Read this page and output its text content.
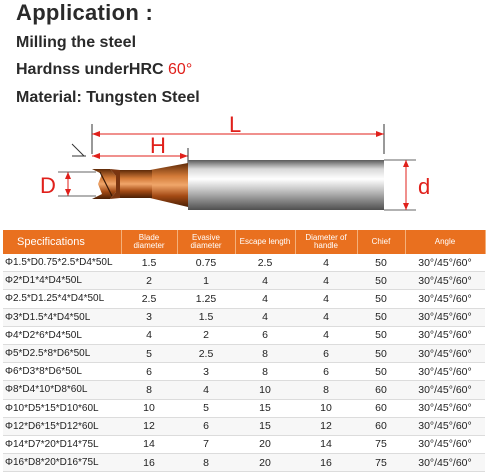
Application :
Milling the steel
Hardnss underHRC 60°
Material: Tungsten Steel
L
H
D	d
Specifications	Blade diameter	Evasive diameter	Escape length	Diameter of handle	Chief	Angle
Φ1.5*D0.75*2.5*D4*50L	1.5	0.75	2.5	4	50	30°/45°/60°
Φ2*D1*4*D4*50L	2	1	4	4	50	30°/45°/60°
Φ2.5*D1.25*4*D4*50L	2.5	1.25	4	4	50	30°/45°/60°
Φ3*D1.5*4*D4*50L	3	1.5	4	4	50	30°/45°/60°
Φ4*D2*6*D4*50L	4	2	6	4	50	30°/45°/60°
Φ5*D2.5*8*D6*50L	5	2.5	8	6	50	30°/45°/60°
Φ6*D3*8*D6*50L	6	3	8	6	50	30°/45°/60°
Φ8*D4*10*D8*60L	8	4	10	8	60	30°/45°/60°
Φ10*D5*15*D10*60L	10	5	15	10	60	30°/45°/60°
Φ12*D6*15*D12*60L	12	6	15	12	60	30°/45°/60°
Φ14*D7*20*D14*75L	14	7	20	14	75	30°/45°/60°
Φ16*D8*20*D16*75L	16	8	20	16	75	30°/45°/60°
